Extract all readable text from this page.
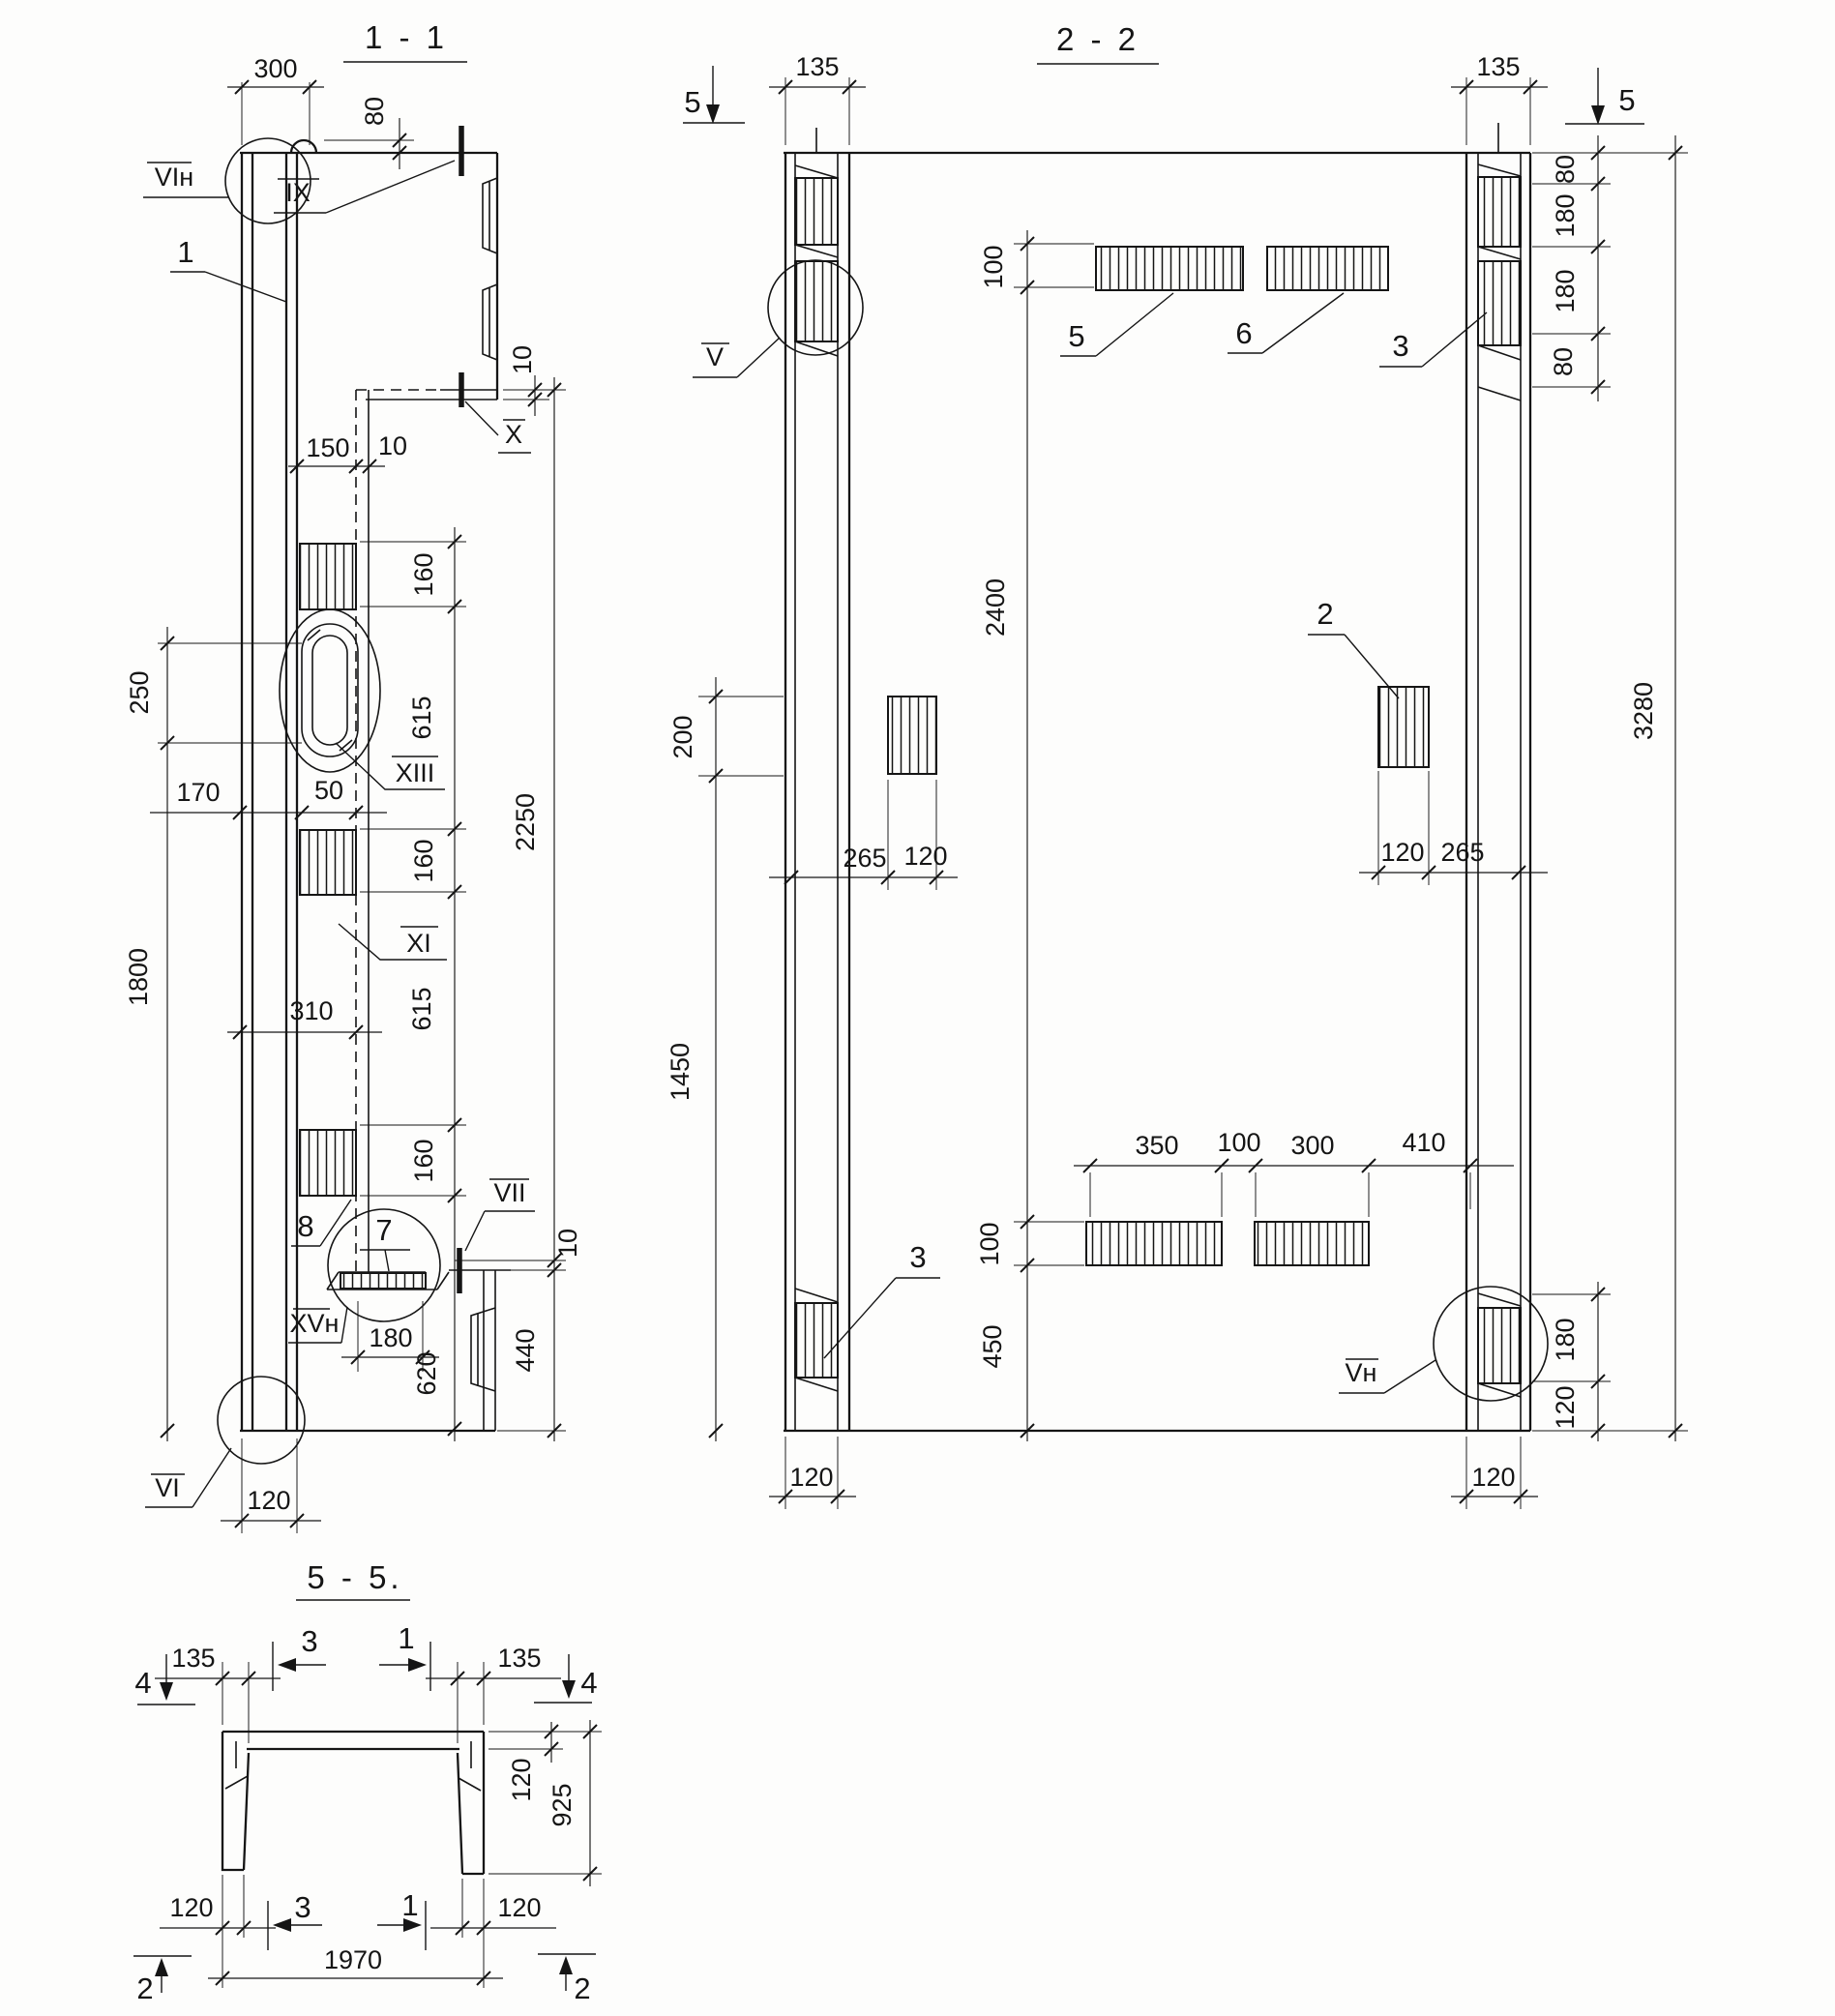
1 - 1
300
80
10
150 10
160
615
160
615
160
620
2250
10
440
250
1800
170	50
310
180
120
VIн
1
IX
X
XIII
XI
8 7
XVн
VII
VI
2 - 2
135	135
5	5
80
180
180
80
3280
100
2400
100
450
200
1450
265 120	120 265
350 100 300	410
180
120
120	120
5	6
2
3
3
V
Vн
5 - 5.
135	135
4	4
3	1
3	1
120	120
1970
925
120
2	2
